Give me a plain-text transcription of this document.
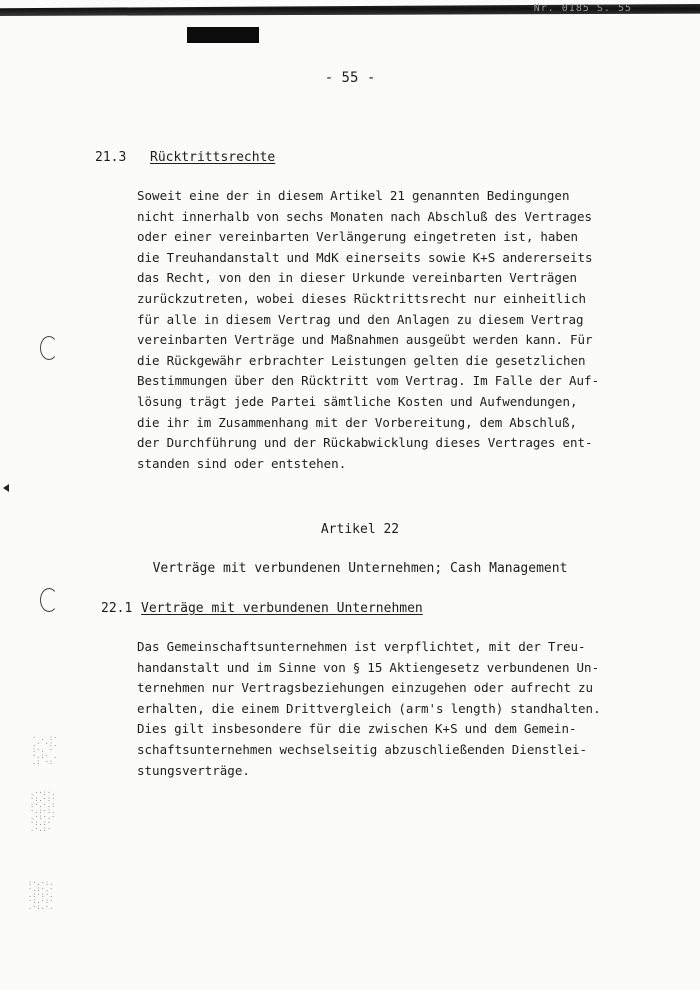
Nr. 0185 S. 55
- 55 -
21.3 Rücktrittsrechte

Soweit eine der in diesem Artikel 21 genannten Bedingungen

nicht innerhalb von sechs Monaten nach Abschluß des Vertrages

oder einer vereinbarten Verlängerung eingetreten ist, haben

die Treuhandanstalt und MdK einerseits sowie K+S andererseits

das Recht, von den in dieser Urkunde vereinbarten Verträgen

zurückzutreten, wobei dieses Rücktrittsrecht nur einheitlich

für alle in diesem Vertrag und den Anlagen zu diesem Vertrag

vereinbarten Verträge und Maßnahmen ausgeübt werden kann. Für

die Rückgewähr erbrachter Leistungen gelten die gesetzlichen

Bestimmungen über den Rücktritt vom Vertrag. Im Falle der Auf-

lösung trägt jede Partei sämtliche Kosten und Aufwendungen,

die ihr im Zusammenhang mit der Vorbereitung, dem Abschluß,

der Durchführung und der Rückabwicklung dieses Vertrages ent-

standen sind oder entstehen.

Artikel 22
Verträge mit verbundenen Unternehmen; Cash Management
22.1 Verträge mit verbundenen Unternehmen

Das Gemeinschaftsunternehmen ist verpflichtet, mit der Treu-

handanstalt und im Sinne von § 15 Aktiengesetz verbundenen Un-

ternehmen nur Vertragsbeziehungen einzugehen oder aufrecht zu

erhalten, die einem Drittvergleich (arm's length) standhalten.

Dies gilt insbesondere für die zwischen K+S und dem Gemein-

schaftsunternehmen wechselseitig abzuschließenden Dienstlei-

stungsverträge.

· . :·
.· ·:.
:·. ·
·.:· .
.: ·:
.··:·.
·:.·:·
:·.·.:
·.:·:.
.·:·.·
·:.:·
.·.:·
:·.·:.
·.:·.·
.:·:·.
·:.·:·
.·:.·.
